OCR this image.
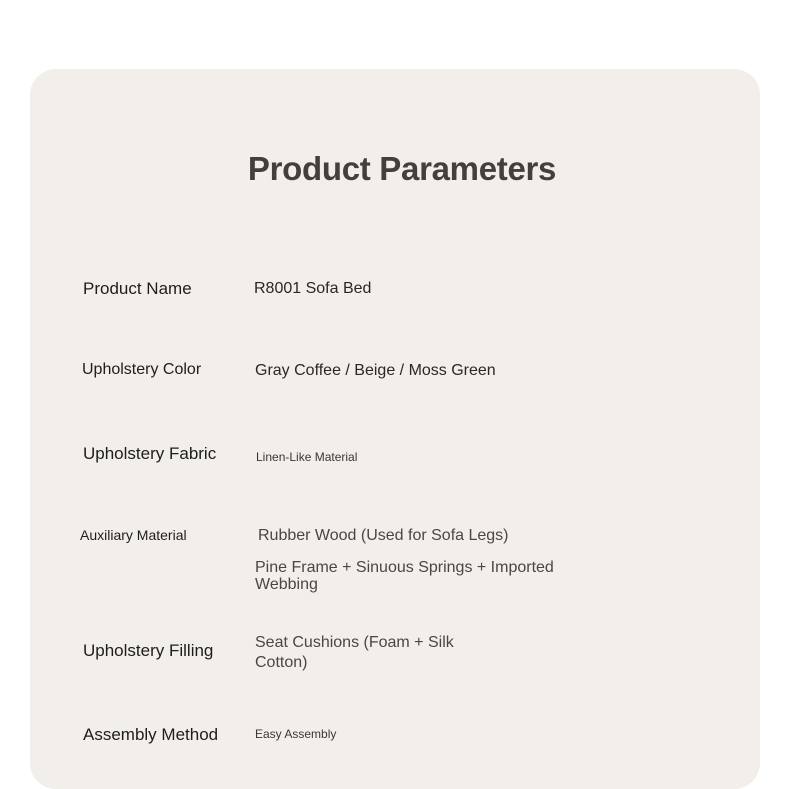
Product Parameters
Product Name	R8001 Sofa Bed
Upholstery Color	Gray Coffee / Beige / Moss Green
Upholstery Fabric	Linen-Like Material
Auxiliary Material	Rubber Wood (Used for Sofa Legs)
Pine Frame + Sinuous Springs + Imported Webbing
Upholstery Filling	Seat Cushions (Foam + Silk Cotton)
Assembly Method	Easy Assembly
